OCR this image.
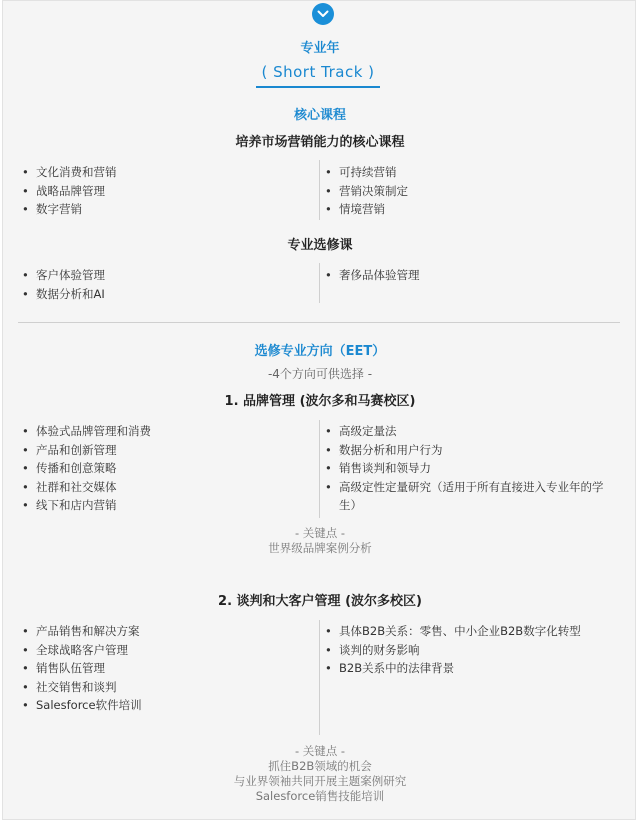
专业年
( Short Track )
核心课程
培养市场营销能力的核心课程
• 文化消费和营销
• 战略品牌管理
• 数字营销
• 可持续营销
• 营销决策制定
• 情境营销
专业选修课
• 客户体验管理
• 数据分析和AI
• 奢侈品体验管理
选修专业方向（EET）
-4个方向可供选择 -
1. 品牌管理 (波尔多和马赛校区)
• 体验式品牌管理和消费
• 产品和创新管理
• 传播和创意策略
• 社群和社交媒体
• 线下和店内营销
• 高级定量法
• 数据分析和用户行为
• 销售谈判和领导力
• 高级定性定量研究（适用于所有直接进入专业年的学生）
- 关键点 -
世界级品牌案例分析
2. 谈判和大客户管理 (波尔多校区)
• 产品销售和解决方案
• 全球战略客户管理
• 销售队伍管理
• 社交销售和谈判
• Salesforce软件培训
• 具体B2B关系：零售、中小企业B2B数字化转型
• 谈判的财务影响
• B2B关系中的法律背景
- 关键点 -
抓住B2B领域的机会
与业界领袖共同开展主题案例研究
Salesforce销售技能培训
